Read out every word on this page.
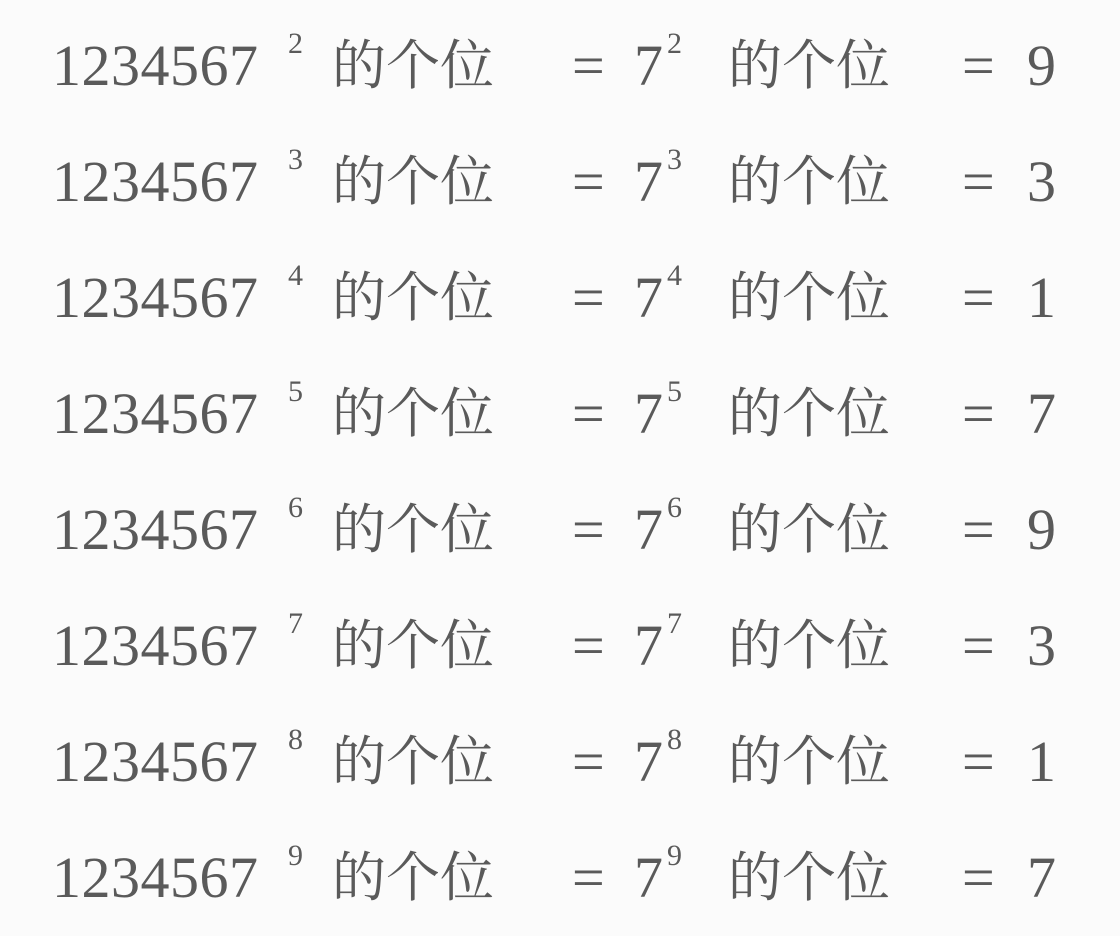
1234567 2 的个位 = 7 2 的个位 = 9
1234567 3 的个位 = 7 3 的个位 = 3
1234567 4 的个位 = 7 4 的个位 = 1
1234567 5 的个位 = 7 5 的个位 = 7
1234567 6 的个位 = 7 6 的个位 = 9
1234567 7 的个位 = 7 7 的个位 = 3
1234567 8 的个位 = 7 8 的个位 = 1
1234567 9 的个位 = 7 9 的个位 = 7
